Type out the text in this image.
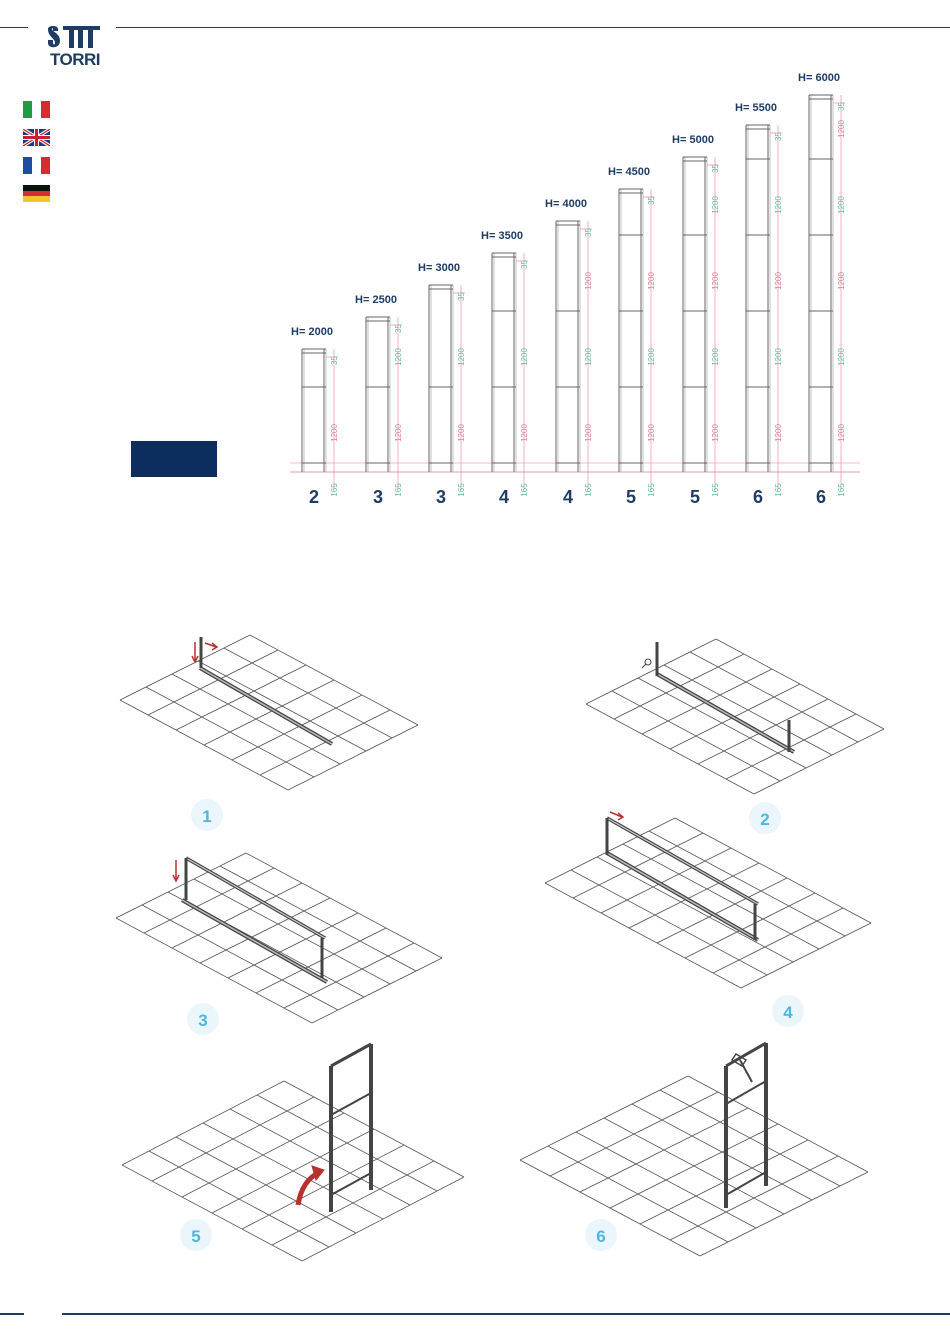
TORRI
35
1200
165
H= 2000
2
35
1200
1200
165
H= 2500
3
35
1200
1200
165
H= 3000
3
35
1200
1200
165
H= 3500
4
35
1200
1200
1200
165
H= 4000
4
35
1200
1200
1200
165
H= 4500
5
35
1200
1200
1200
1200
165
H= 5000
5
35
1200
1200
1200
1200
165
H= 5500
6
35
1200
1200
1200
1200
1200
165
H= 6000
6
1	2
3	4
5	6
